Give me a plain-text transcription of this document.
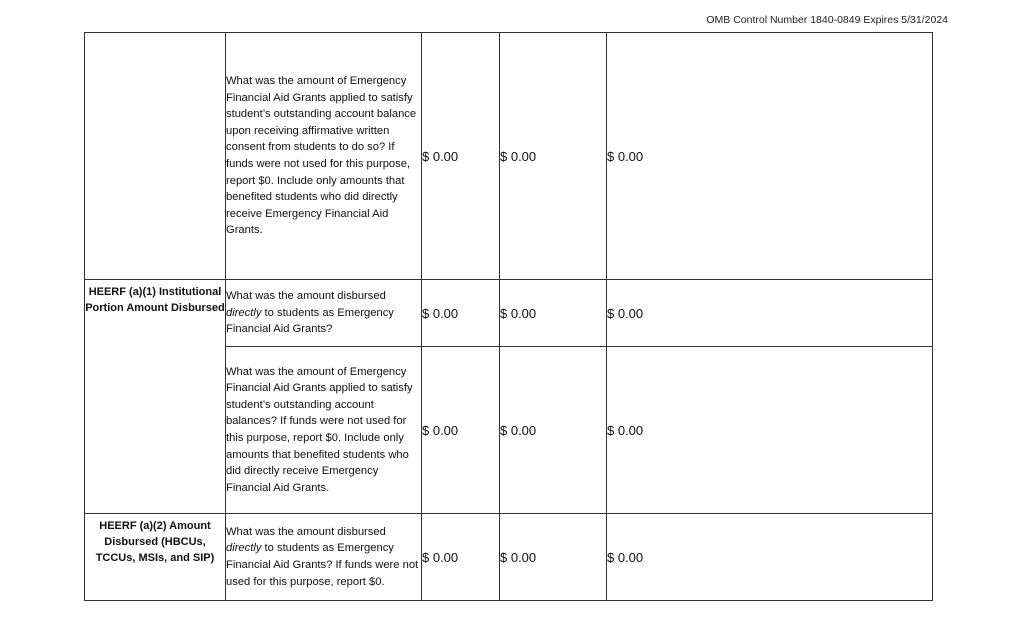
OMB Control Number 1840-0849 Expires 5/31/2024

	What was the amount of Emergency Financial Aid Grants applied to satisfy student’s outstanding account balance upon receiving affirmative written consent from students to do so? If funds were not used for this purpose, report $0. Include only amounts that benefited students who did directly receive Emergency Financial Aid Grants.	$ 0.00	$ 0.00	$ 0.00
HEERF (a)(1) Institutional Portion Amount Disbursed	What was the amount disbursed directly to students as Emergency Financial Aid Grants?	$ 0.00	$ 0.00	$ 0.00

	What was the amount of Emergency Financial Aid Grants applied to satisfy student’s outstanding account balances? If funds were not used for this purpose, report $0. Include only amounts that benefited students who did directly receive Emergency Financial Aid Grants.	$ 0.00	$ 0.00	$ 0.00
HEERF (a)(2) Amount Disbursed (HBCUs, TCCUs, MSIs, and SIP)	What was the amount disbursed directly to students as Emergency Financial Aid Grants? If funds were not used for this purpose, report $0.	$ 0.00	$ 0.00	$ 0.00
